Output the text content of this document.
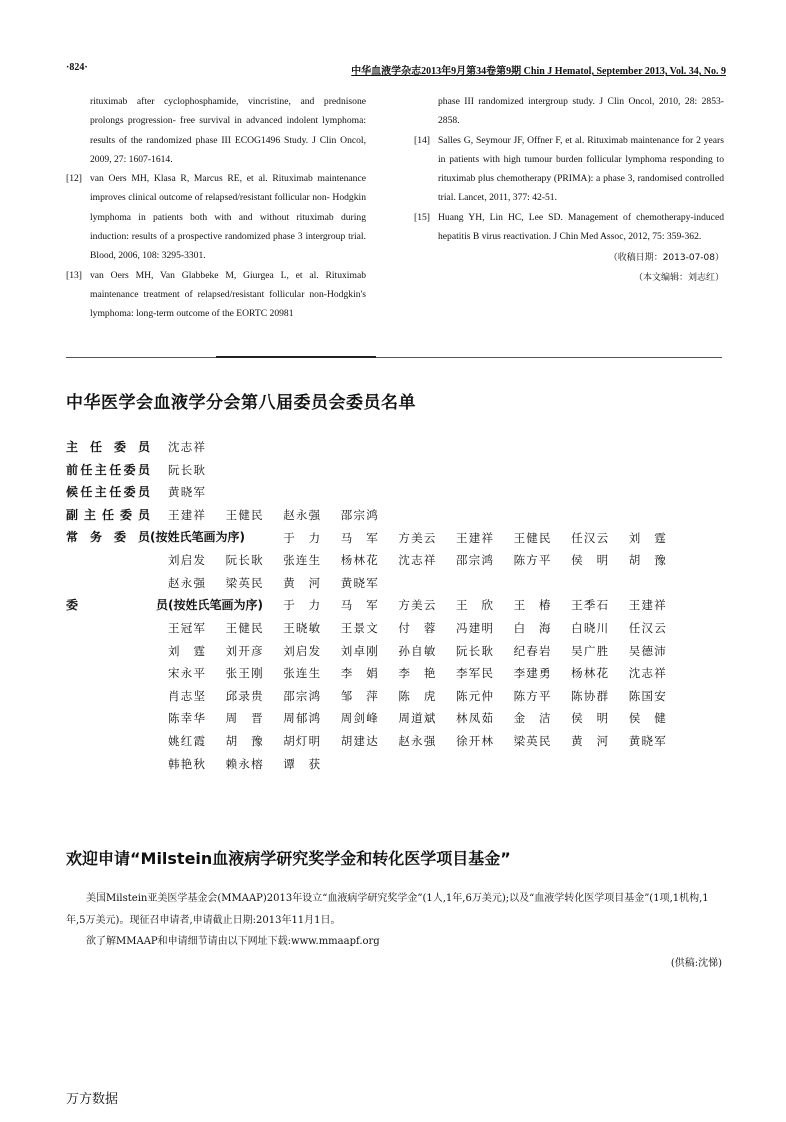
·824·	中华血液学杂志2013年9月第34卷第9期 Chin J Hematol, September 2013, Vol. 34, No. 9
rituximab after cyclophosphamide, vincristine, and prednisone prolongs progression- free survival in advanced indolent lymphoma: results of the randomized phase III ECOG1496 Study. J Clin Oncol, 2009, 27: 1607-1614.
[12] van Oers MH, Klasa R, Marcus RE, et al. Rituximab maintenance improves clinical outcome of relapsed/resistant follicular non- Hodgkin lymphoma in patients both with and without rituximab during induction: results of a prospective randomized phase 3 intergroup trial. Blood, 2006, 108: 3295-3301.
[13] van Oers MH, Van Glabbeke M, Giurgea L, et al. Rituximab maintenance treatment of relapsed/resistant follicular non-Hodgkin's lymphoma: long-term outcome of the EORTC 20981
phase III randomized intergroup study. J Clin Oncol, 2010, 28: 2853-2858.
[14] Salles G, Seymour JF, Offner F, et al. Rituximab maintenance for 2 years in patients with high tumour burden follicular lymphoma responding to rituximab plus chemotherapy (PRIMA): a phase 3, randomised controlled trial. Lancet, 2011, 377: 42-51.
[15] Huang YH, Lin HC, Lee SD. Management of chemotherapy-induced hepatitis B virus reactivation. J Chin Med Assoc, 2012, 75: 359-362.
（收稿日期：2013-07-08）
（本文编辑：刘志红）
中华医学会血液学分会第八届委员会委员名单
主任委员 沈志祥
前任主任委员 阮长耿
候任主任委员 黄晓军
副主任委员 王建祥	王健民	赵永强	邵宗鸿
常务委员(按姓氏笔画为序)	于力	马军	方美云	王建祥	王健民	任汉云	刘霆
刘启发	阮长耿	张连生	杨林花	沈志祥	邵宗鸿	陈方平	侯明	胡豫
赵永强	梁英民	黄河	黄晓军
委员(按姓氏笔画为序) 于力	马军	方美云	王欣	王椿	王季石	王建祥
王冠军	王健民	王晓敏	王景文	付蓉	冯建明	白海	白晓川	任汉云
刘霆	刘开彦	刘启发	刘卓刚	孙自敏	阮长耿	纪春岩	吴广胜	吴德沛
宋永平	张王刚	张连生	李娟	李艳	李军民	李建勇	杨林花	沈志祥
肖志坚	邱录贵	邵宗鸿	邹萍	陈虎	陈元仲	陈方平	陈协群	陈国安
陈幸华	周晋	周郁鸿	周剑峰	周道斌	林凤茹	金洁	侯明	侯健
姚红霞	胡豫	胡灯明	胡建达	赵永强	徐开林	梁英民	黄河	黄晓军
韩艳秋	赖永榕	谭获
欢迎申请“Milstein血液病学研究奖学金和转化医学项目基金”

美国Milstein亚美医学基金会(MMAAP)2013年设立“血液病学研究奖学金”(1人,1年,6万美元);以及“血液学转化医学项目基金”(1项,1机构,1年,5万美元)。现征召申请者,申请截止日期:2013年11月1日。

欲了解MMAAP和申请细节请由以下网址下载:www.mmaapf.org

(供稿:沈悌)

万方数据
